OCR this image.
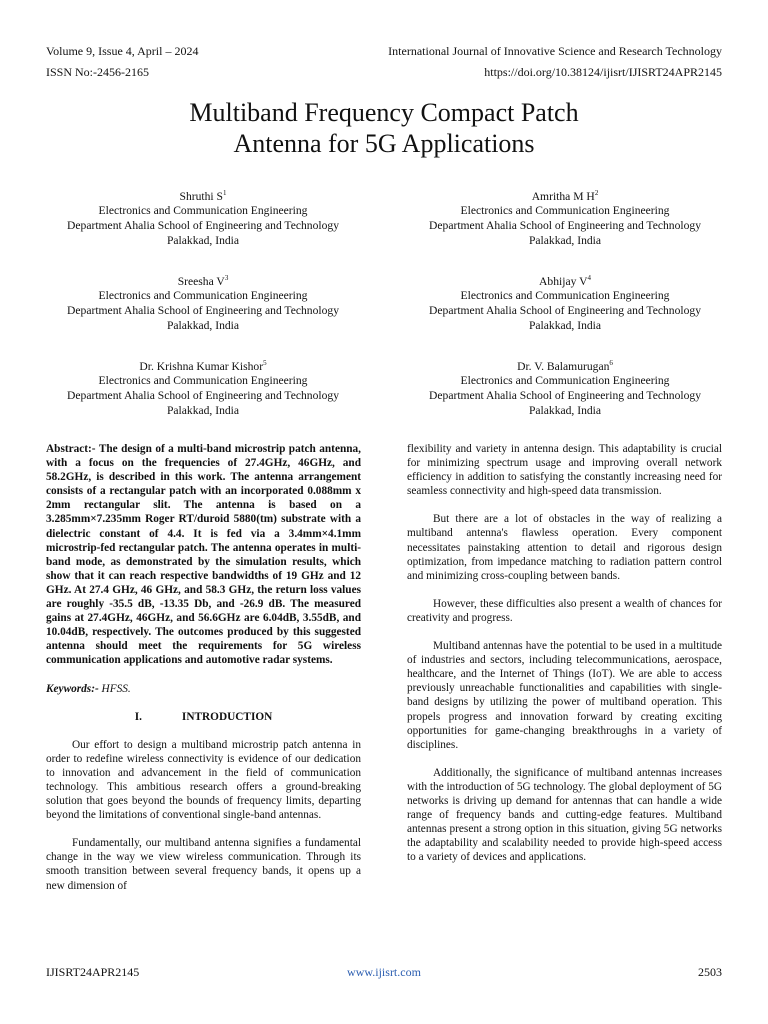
Volume 9, Issue 4, April – 2024	International Journal of Innovative Science and Research Technology
ISSN No:-2456-2165	https://doi.org/10.38124/ijisrt/IJISRT24APR2145
Multiband Frequency Compact Patch
Antenna for 5G Applications
Shruthi $S^1$
Electronics and Communication Engineering
Department Ahalia School of Engineering and Technology
Palakkad, India
Amritha M $H^2$
Electronics and Communication Engineering
Department Ahalia School of Engineering and Technology
Palakkad, India
Sreesha $V^3$
Electronics and Communication Engineering
Department Ahalia School of Engineering and Technology
Palakkad, India
Abhijay $V^4$
Electronics and Communication Engineering
Department Ahalia School of Engineering and Technology
Palakkad, India
Dr. Krishna Kumar Kishor$^5$
Electronics and Communication Engineering
Department Ahalia School of Engineering and Technology
Palakkad, India
Dr. V. Balamurugan$^6$
Electronics and Communication Engineering
Department Ahalia School of Engineering and Technology
Palakkad, India

Abstract:- The design of a multi-band microstrip patch antenna, with a focus on the frequencies of 27.4GHz, 46GHz, and 58.2GHz, is described in this work. The antenna arrangement consists of a rectangular patch with an incorporated 0.088mm x 2mm rectangular slit. The antenna is based on a 3.285mm×7.235mm Roger RT/duroid 5880(tm) substrate with a dielectric constant of 4.4. It is fed via a 3.4mm×4.1mm microstrip-fed rectangular patch. The antenna operates in multi-band mode, as demonstrated by the simulation results, which show that it can reach respective bandwidths of 19 GHz and 12 GHz. At 27.4 GHz, 46 GHz, and 58.3 GHz, the return loss values are roughly -35.5 dB, -13.35 Db, and -26.9 dB. The measured gains at 27.4GHz, 46GHz, and 56.6GHz are 6.04dB, 3.55dB, and 10.04dB, respectively. The outcomes produced by this suggested antenna should meet the requirements for 5G wireless communication applications and automotive radar systems.

Keywords:- HFSS.

I.	INTRODUCTION

Our effort to design a multiband microstrip patch antenna in order to redefine wireless connectivity is evidence of our dedication to innovation and advancement in the field of communication technology. This ambitious research offers a ground-breaking solution that goes beyond the bounds of frequency limits, departing beyond the limitations of conventional single-band antennas.

Fundamentally, our multiband antenna signifies a fundamental change in the way we view wireless communication. Through its smooth transition between several frequency bands, it opens up a new dimension of

flexibility and variety in antenna design. This adaptability is crucial for minimizing spectrum usage and improving overall network efficiency in addition to satisfying the constantly increasing need for seamless connectivity and high-speed data transmission.

But there are a lot of obstacles in the way of realizing a multiband antenna's flawless operation. Every component necessitates painstaking attention to detail and rigorous design optimization, from impedance matching to radiation pattern control and minimizing cross-coupling between bands.

However, these difficulties also present a wealth of chances for creativity and progress.

Multiband antennas have the potential to be used in a multitude of industries and sectors, including telecommunications, aerospace, healthcare, and the Internet of Things (IoT). We are able to access previously unreachable functionalities and capabilities with single-band designs by utilizing the power of multiband operation. This propels progress and innovation forward by creating exciting opportunities for game-changing breakthroughs in a variety of disciplines.

Additionally, the significance of multiband antennas increases with the introduction of 5G technology. The global deployment of 5G networks is driving up demand for antennas that can handle a wide range of frequency bands and cutting-edge features. Multiband antennas present a strong option in this situation, giving 5G networks the adaptability and scalability needed to provide high-speed access to a variety of devices and applications.

IJISRT24APR2145	www.ijisrt.com	2503
